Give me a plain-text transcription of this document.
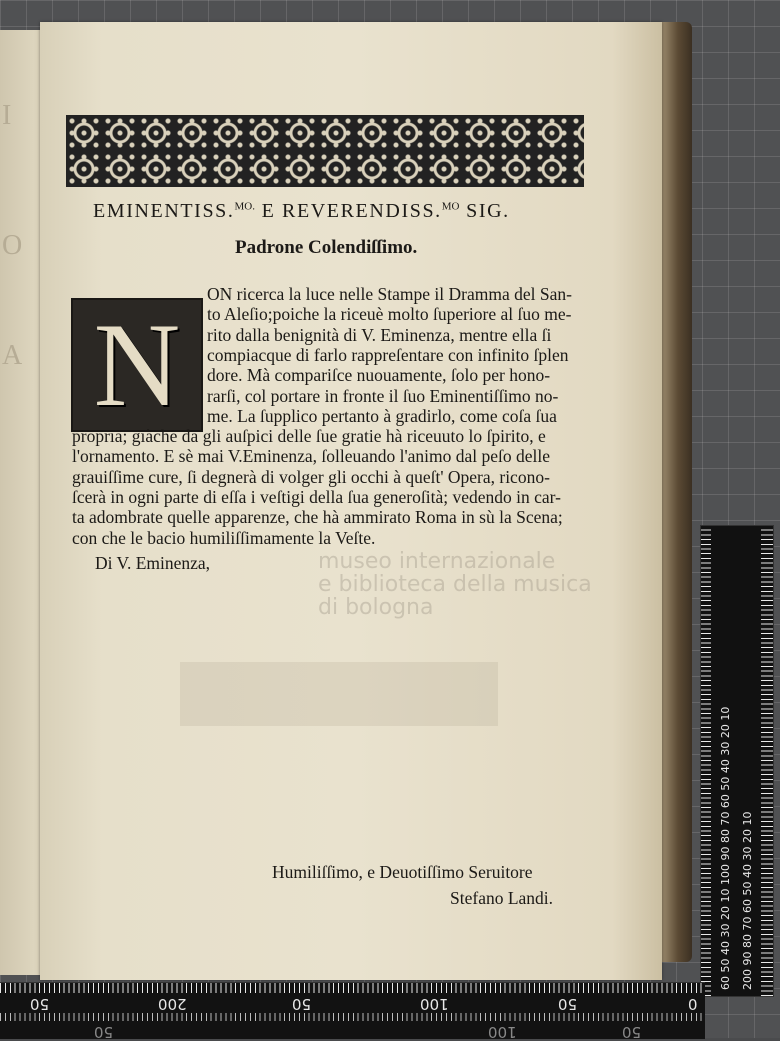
I
O
A
EMINENTISS.$^{MO.}$ E REVERENDISS.$^{MO}$ SIG.
Padrone Colendiſſimo.
N

ON ricerca la luce nelle Stampe il Dramma del San-

to Aleſio;poiche la riceuè molto ſuperiore al ſuo me-

rito dalla benignità di V. Eminenza, mentre ella ſi

compiacque di farlo rappreſentare con infinito ſplen

dore. Mà compariſce nuouamente, ſolo per hono-

rarſi, col portare in fronte il ſuo Eminentiſſimo no-

me. La ſupplico pertanto à gradirlo, come coſa ſua

propria; giàche da gli auſpici delle ſue gratie hà riceuuto lo ſpirito, e

l'ornamento. E sè mai V.Eminenza, ſolleuando l'animo dal peſo delle

grauiſſime cure, ſi degnerà di volger gli occhi à queſt' Opera, ricono-

ſcerà in ogni parte di eſſa i veſtigi della ſua generoſità; vedendo in car-

ta adombrate quelle apparenze, che hà ammirato Roma in sù la Scena;

con che le bacio humiliſſimamente la Veſte.

Di V. Eminenza,	museo internazionale
e biblioteca della musica
di bologna

Humiliſſimo, e Deuotiſſimo Seruitore

Stefano Landi.	200 90 80 70 60 50 40 30 20 10
60 50 40 30 20 10 100 90 80 70 60 50 40 30 20 10
50	200	50	100	50	0
50	100	50
